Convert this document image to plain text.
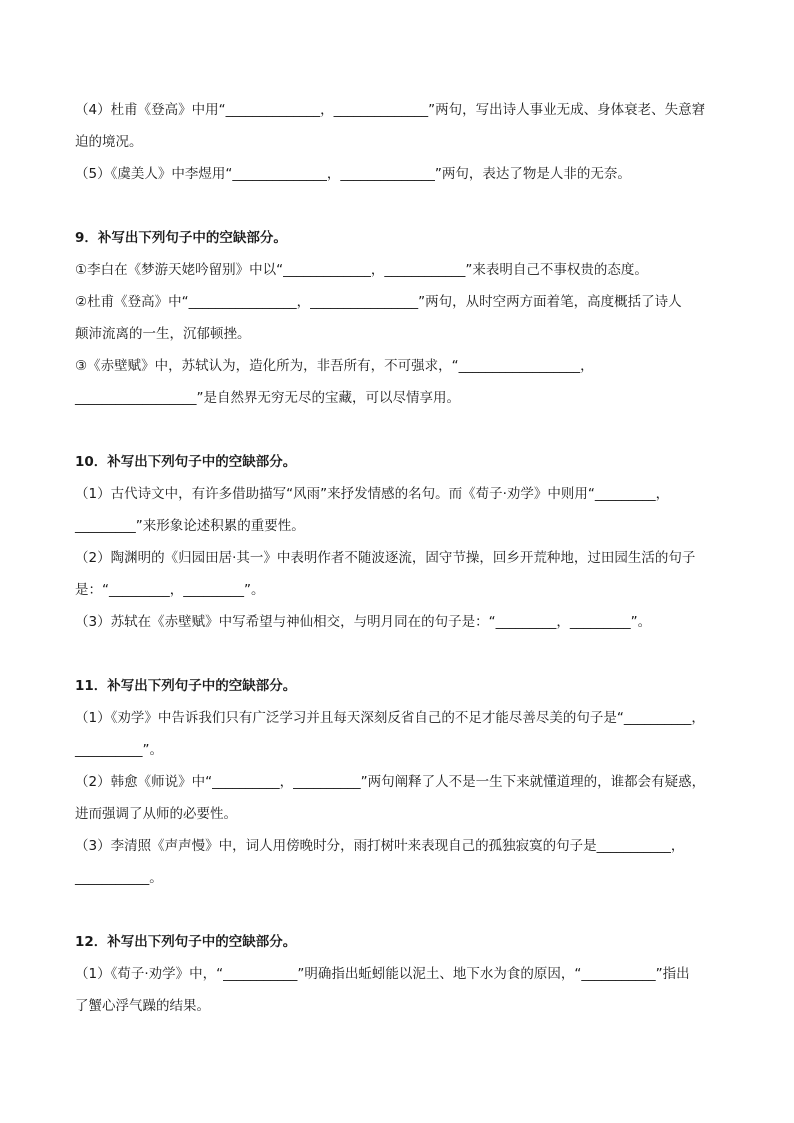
（4）杜甫《登高》中用“______________，______________”两句，写出诗人事业无成、身体衰老、失意窘
迫的境况。
（5）《虞美人》中李煜用“______________，______________”两句，表达了物是人非的无奈。
9．补写出下列句子中的空缺部分。
①李白在《梦游天姥吟留别》中以“_____________，____________”来表明自己不事权贵的态度。
②杜甫《登高》中“________________，________________”两句，从时空两方面着笔，高度概括了诗人
颠沛流离的一生，沉郁顿挫。
③《赤壁赋》中，苏轼认为，造化所为，非吾所有，不可强求，“__________________，
__________________”是自然界无穷无尽的宝藏，可以尽情享用。
10．补写出下列句子中的空缺部分。
（1）古代诗文中，有许多借助描写“风雨”来抒发情感的名句。而《荀子·劝学》中则用“_________，
_________”来形象论述积累的重要性。
（2）陶渊明的《归园田居·其一》中表明作者不随波逐流，固守节操，回乡开荒种地，过田园生活的句子
是：“_________，_________”。
（3）苏轼在《赤壁赋》中写希望与神仙相交，与明月同在的句子是：“_________，_________”。
11．补写出下列句子中的空缺部分。
（1）《劝学》中告诉我们只有广泛学习并且每天深刻反省自己的不足才能尽善尽美的句子是“__________，
__________”。
（2）韩愈《师说》中“__________，__________”两句阐释了人不是一生下来就懂道理的，谁都会有疑惑，
进而强调了从师的必要性。
（3）李清照《声声慢》中，词人用傍晚时分，雨打树叶来表现自己的孤独寂寞的句子是___________，
___________。
12．补写出下列句子中的空缺部分。
（1）《荀子·劝学》中，“___________”明确指出蚯蚓能以泥土、地下水为食的原因，“___________”指出
了蟹心浮气躁的结果。
